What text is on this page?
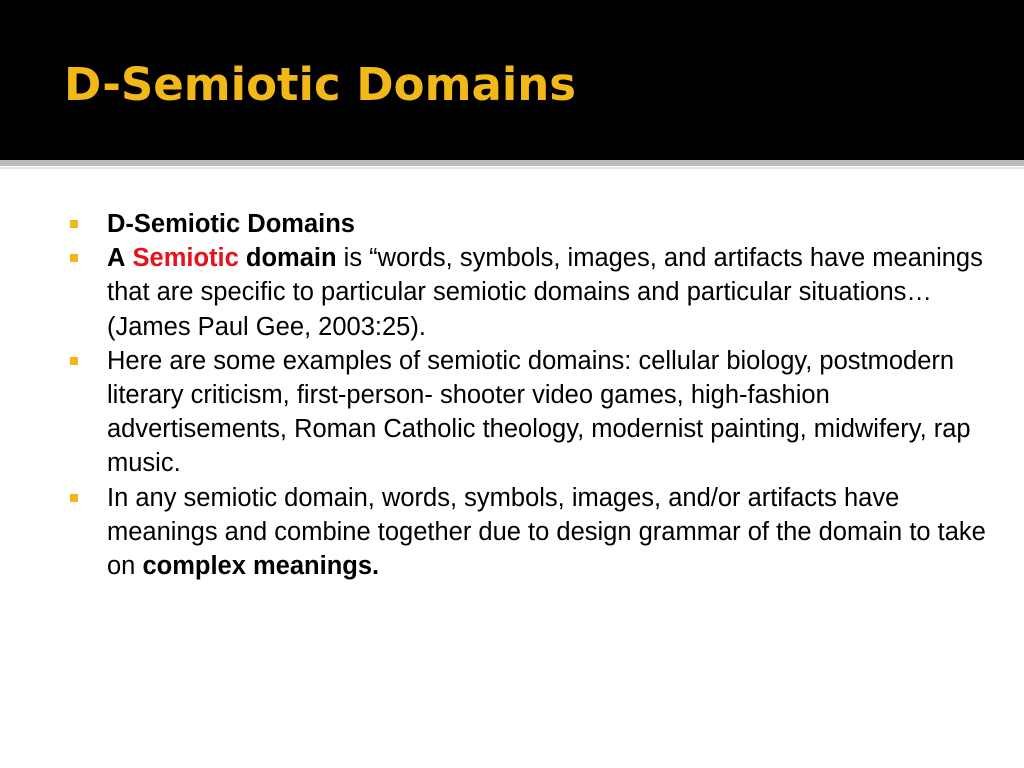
D-Semiotic Domains
D-Semiotic Domains
A Semiotic domain is “words, symbols, images, and artifacts have meanings that are specific to particular semiotic domains and particular situations… (James Paul Gee, 2003:25).
Here are some examples of semiotic domains: cellular biology, postmodern literary criticism, first-person- shooter video games, high-fashion advertisements, Roman Catholic theology, modernist painting, midwifery, rap music.
In any semiotic domain, words, symbols, images, and/or artifacts have meanings and combine together due to design grammar of the domain to take on complex meanings.
